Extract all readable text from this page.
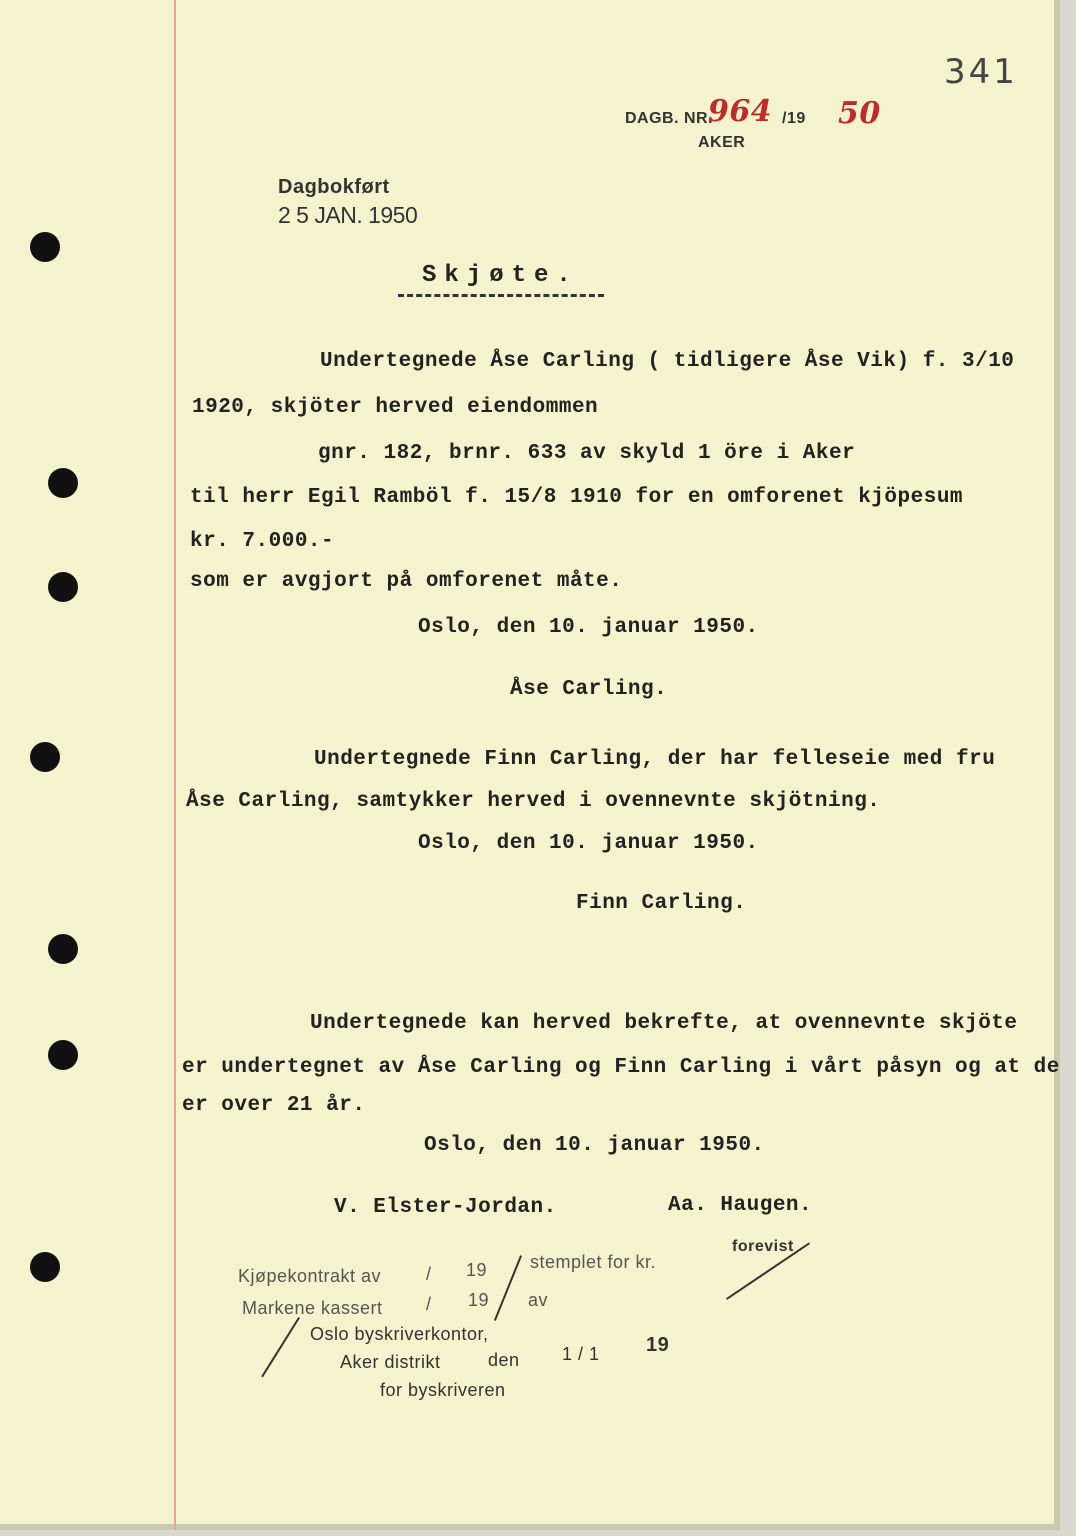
341
DAGB. NR.
964 /19 50
AKER
Dagbokført
2 5 JAN. 1950
Skjøte.
Undertegnede Åse Carling ( tidligere Åse Vik) f. 3/10
1920, skjöter herved eiendommen
gnr. 182, brnr. 633 av skyld 1 öre i Aker
til herr Egil Ramböl f. 15/8 1910 for en omforenet kjöpesum
kr. 7.000.-
som er avgjort på omforenet måte.
Oslo, den 10. januar 1950.
Åse Carling.
Undertegnede Finn Carling, der har felleseie med fru
Åse Carling, samtykker herved i ovennevnte skjötning.
Oslo, den 10. januar 1950.
Finn Carling.
Undertegnede kan herved bekrefte, at ovennevnte skjöte
er undertegnet av Åse Carling og Finn Carling i vårt påsyn og at de
er over 21 år.
Oslo, den 10. januar 1950.
V. Elster-Jordan.	Aa. Haugen.
Kjøpekontrakt av / 19 stemplet for kr.
forevist
Markene kassert / 19 av
Oslo byskriverkontor,
Aker distrikt	den 1 / 1 19
for byskriveren
